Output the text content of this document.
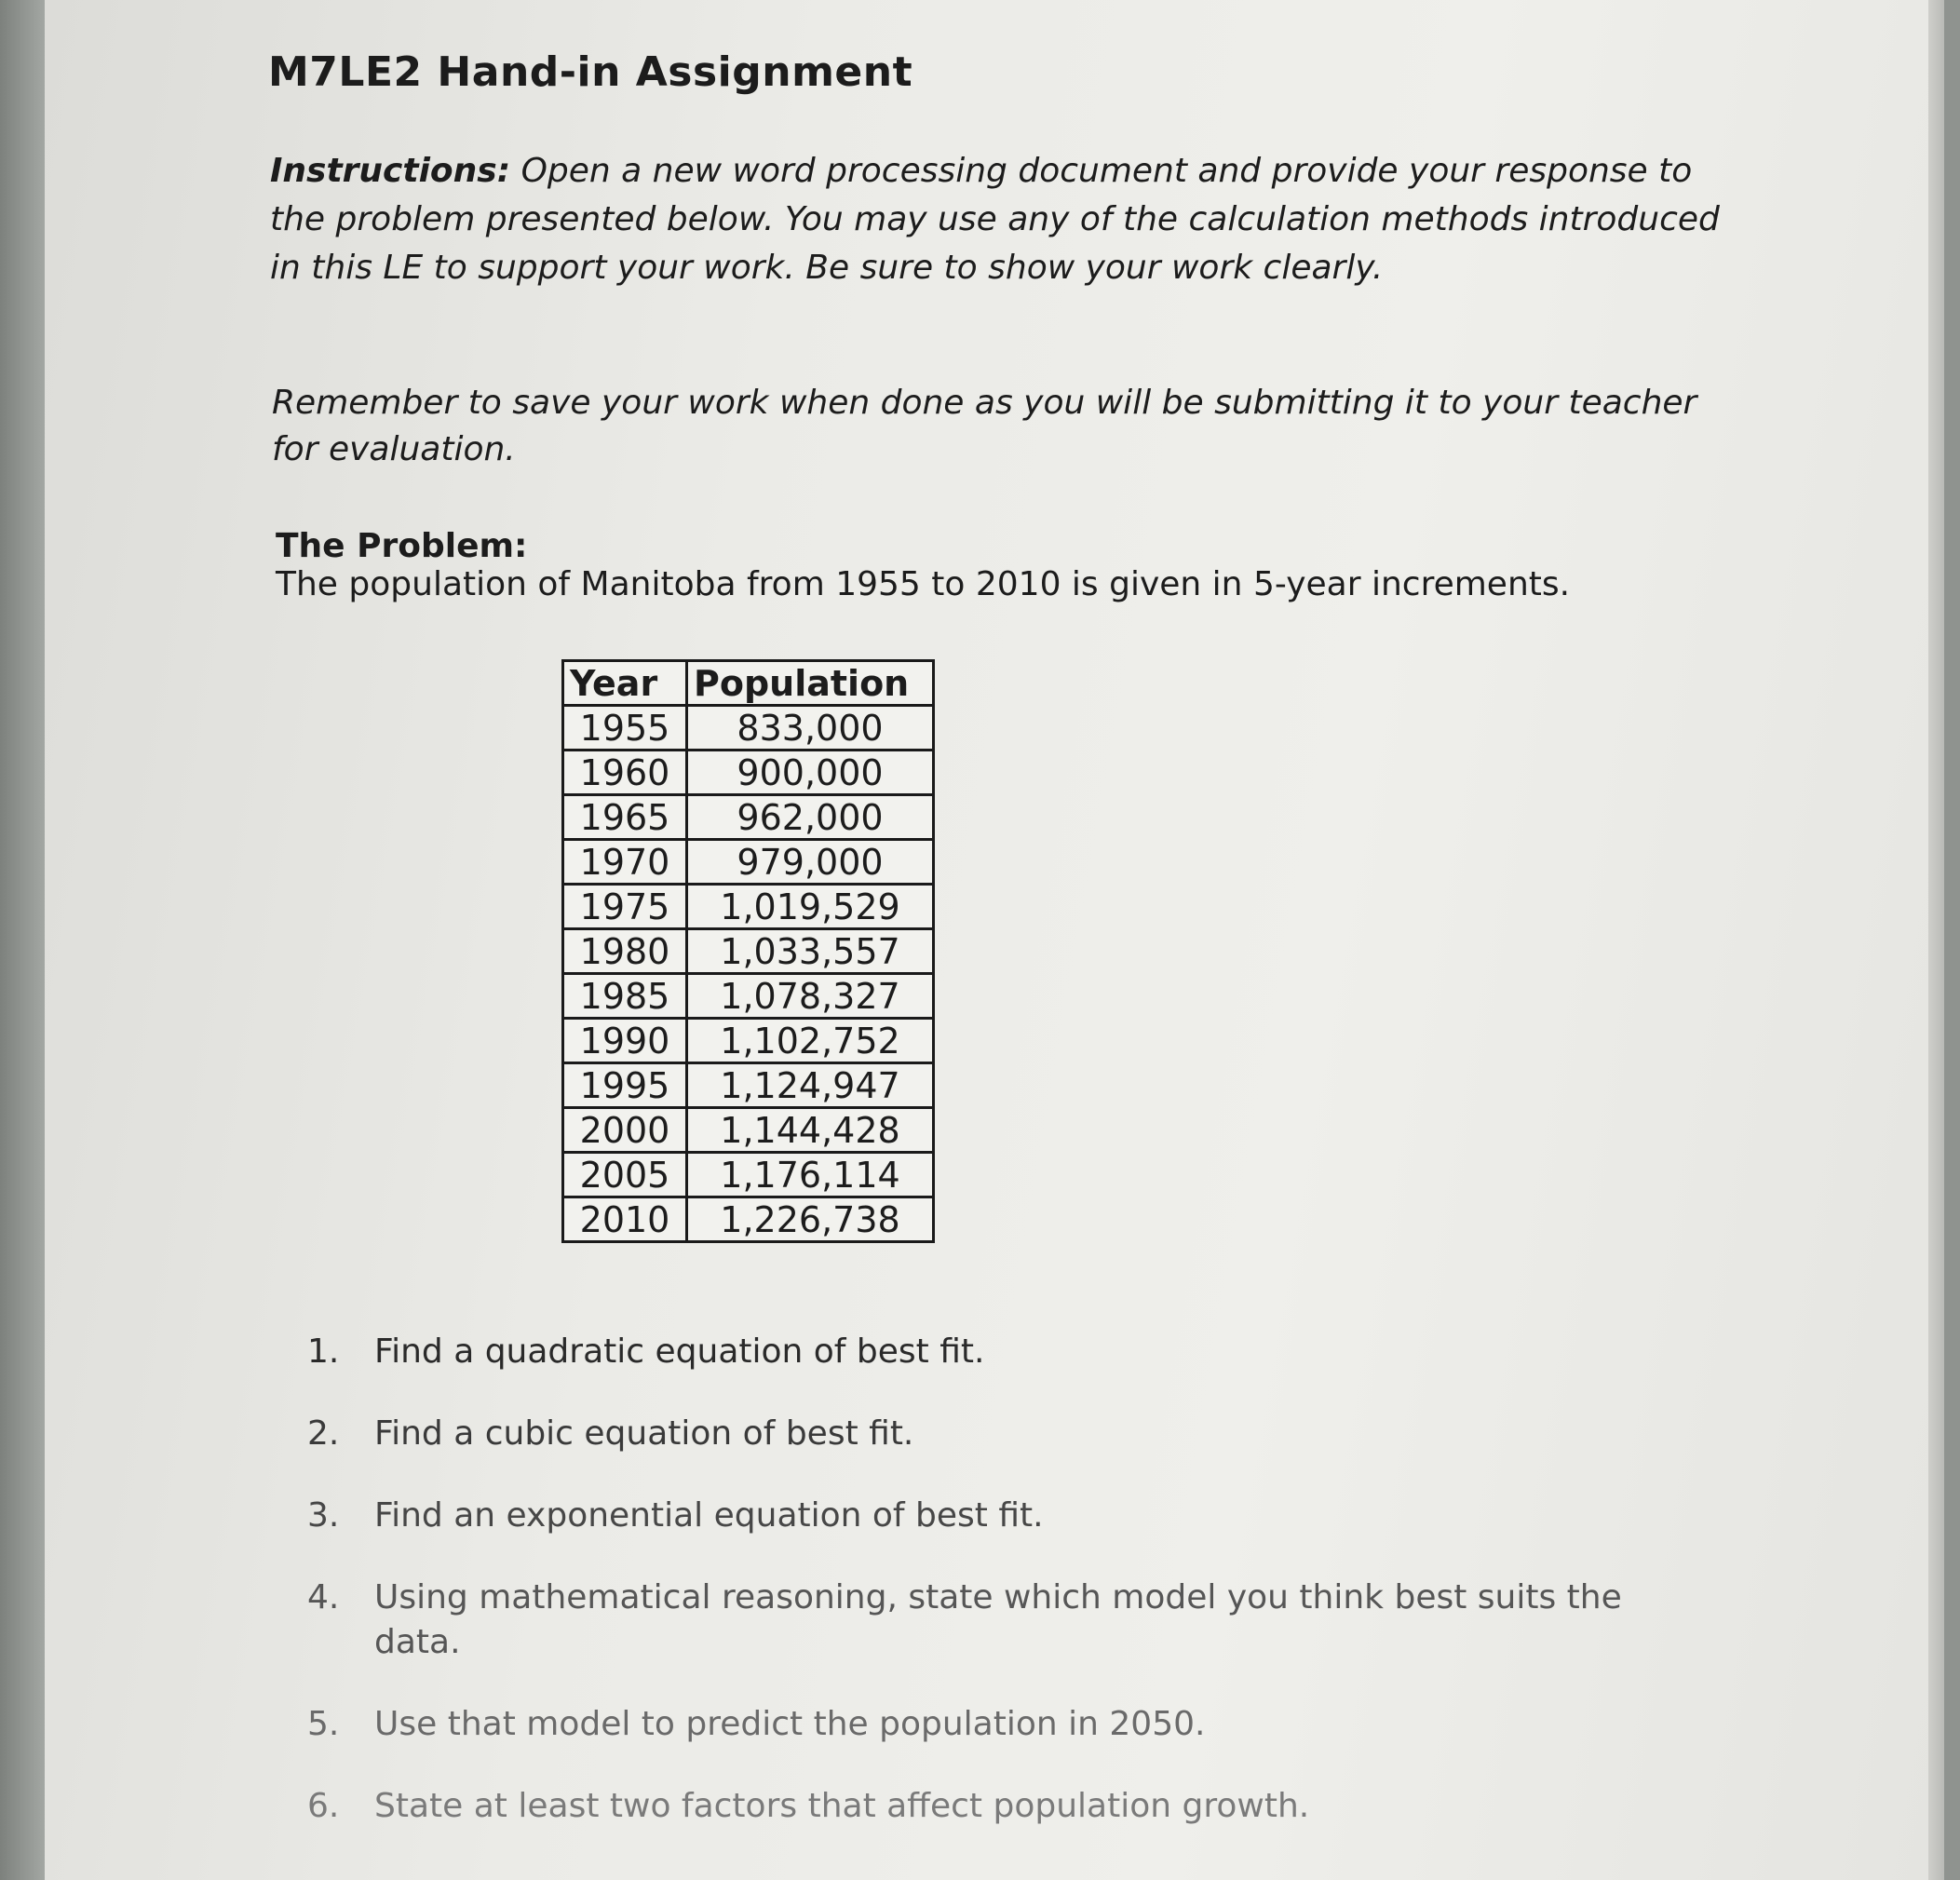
M7LE2 Hand-in Assignment

Instructions: Open a new word processing document and provide your response to the problem presented below. You may use any of the calculation methods introduced in this LE to support your work. Be sure to show your work clearly.

Remember to save your work when done as you will be submitting it to your teacher for evaluation.

The Problem:

The population of Manitoba from 1955 to 2010 is given in 5-year increments.

Year	Population
1955	833,000
1960	900,000
1965	962,000
1970	979,000
1975	1,019,529
1980	1,033,557
1985	1,078,327
1990	1,102,752
1995	1,124,947
2000	1,144,428
2005	1,176,114
2010	1,226,738
1. Find a quadratic equation of best fit.
2. Find a cubic equation of best fit.
3. Find an exponential equation of best fit.
4. Using mathematical reasoning, state which model you think best suits the data.
5. Use that model to predict the population in 2050.
6. State at least two factors that affect population growth.
